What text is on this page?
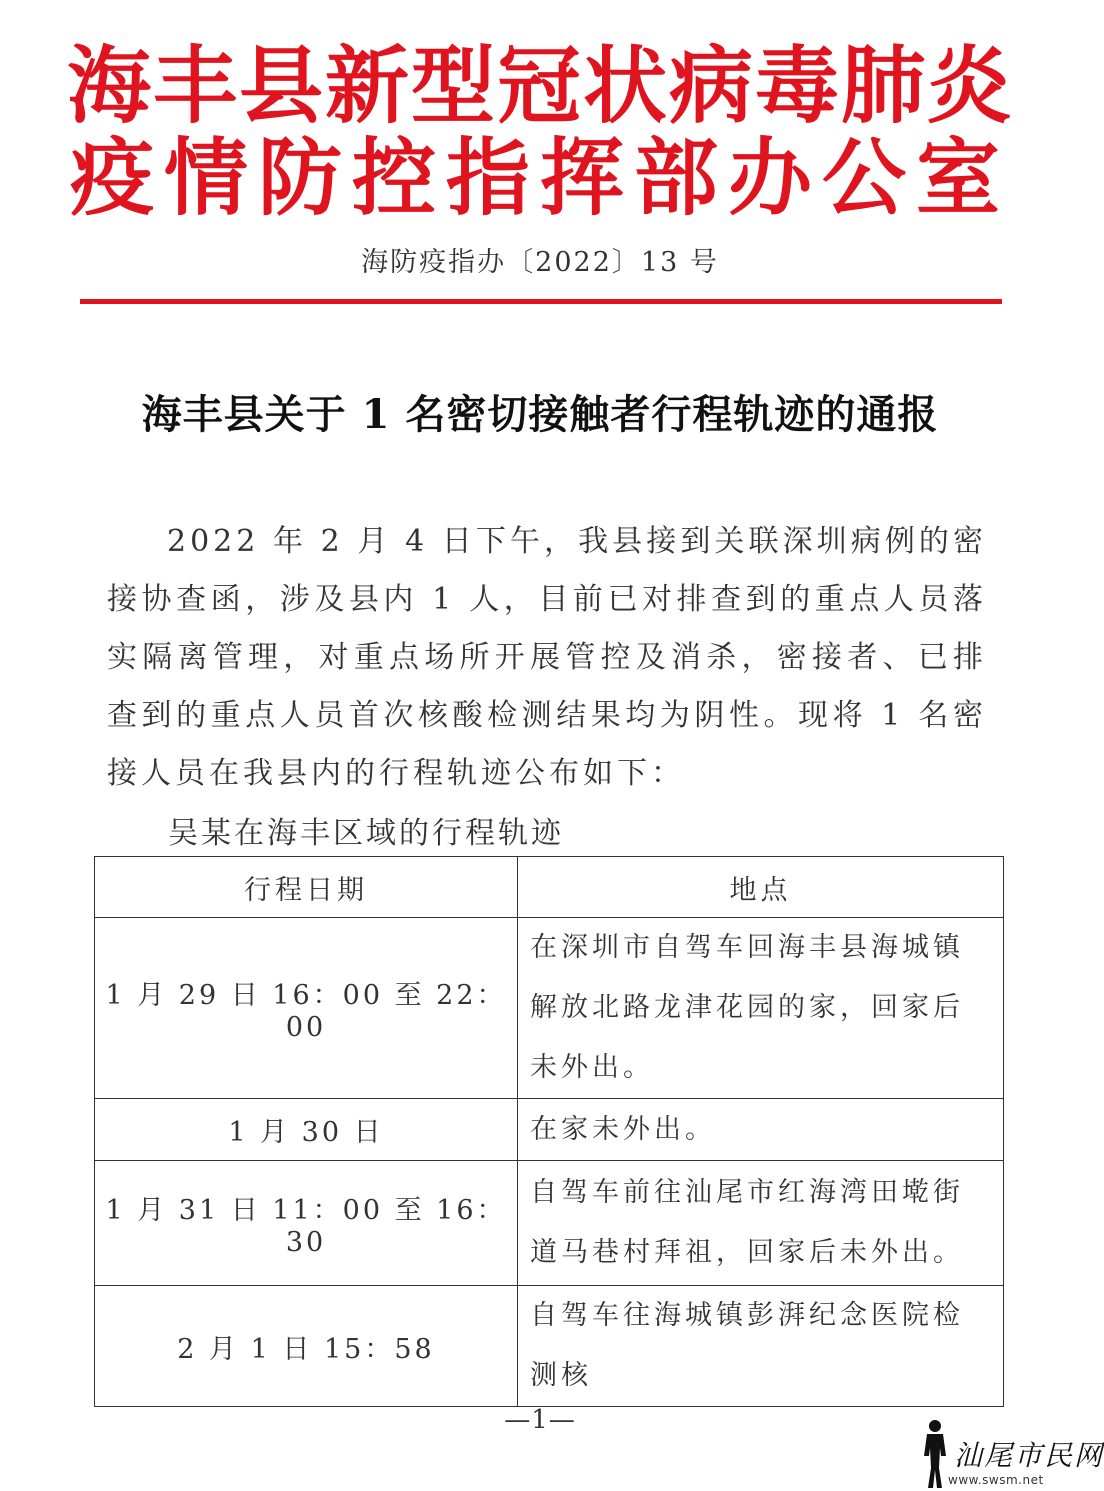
海丰县新型冠状病毒肺炎
疫情防控指挥部办公室
海防疫指办〔2022〕13 号
海丰县关于 1 名密切接触者行程轨迹的通报
2022 年 2 月 4 日下午，我县接到关联深圳病例的密接协查函，涉及县内 1 人，目前已对排查到的重点人员落实隔离管理，对重点场所开展管控及消杀，密接者、已排查到的重点人员首次核酸检测结果均为阴性。现将 1 名密接人员在我县内的行程轨迹公布如下：
吴某在海丰区域的行程轨迹
行程日期	地点
1 月 29 日 16：00 至 22：00	在深圳市自驾车回海丰县海城镇解放北路龙津花园的家，回家后未外出。
1 月 30 日	在家未外出。
1 月 31 日 11：00 至 16：30	自驾车前往汕尾市红海湾田墘街道马巷村拜祖，回家后未外出。
2 月 1 日 15：58	自驾车往海城镇彭湃纪念医院检测核
—1—
汕尾市民网
www.swsm.net
